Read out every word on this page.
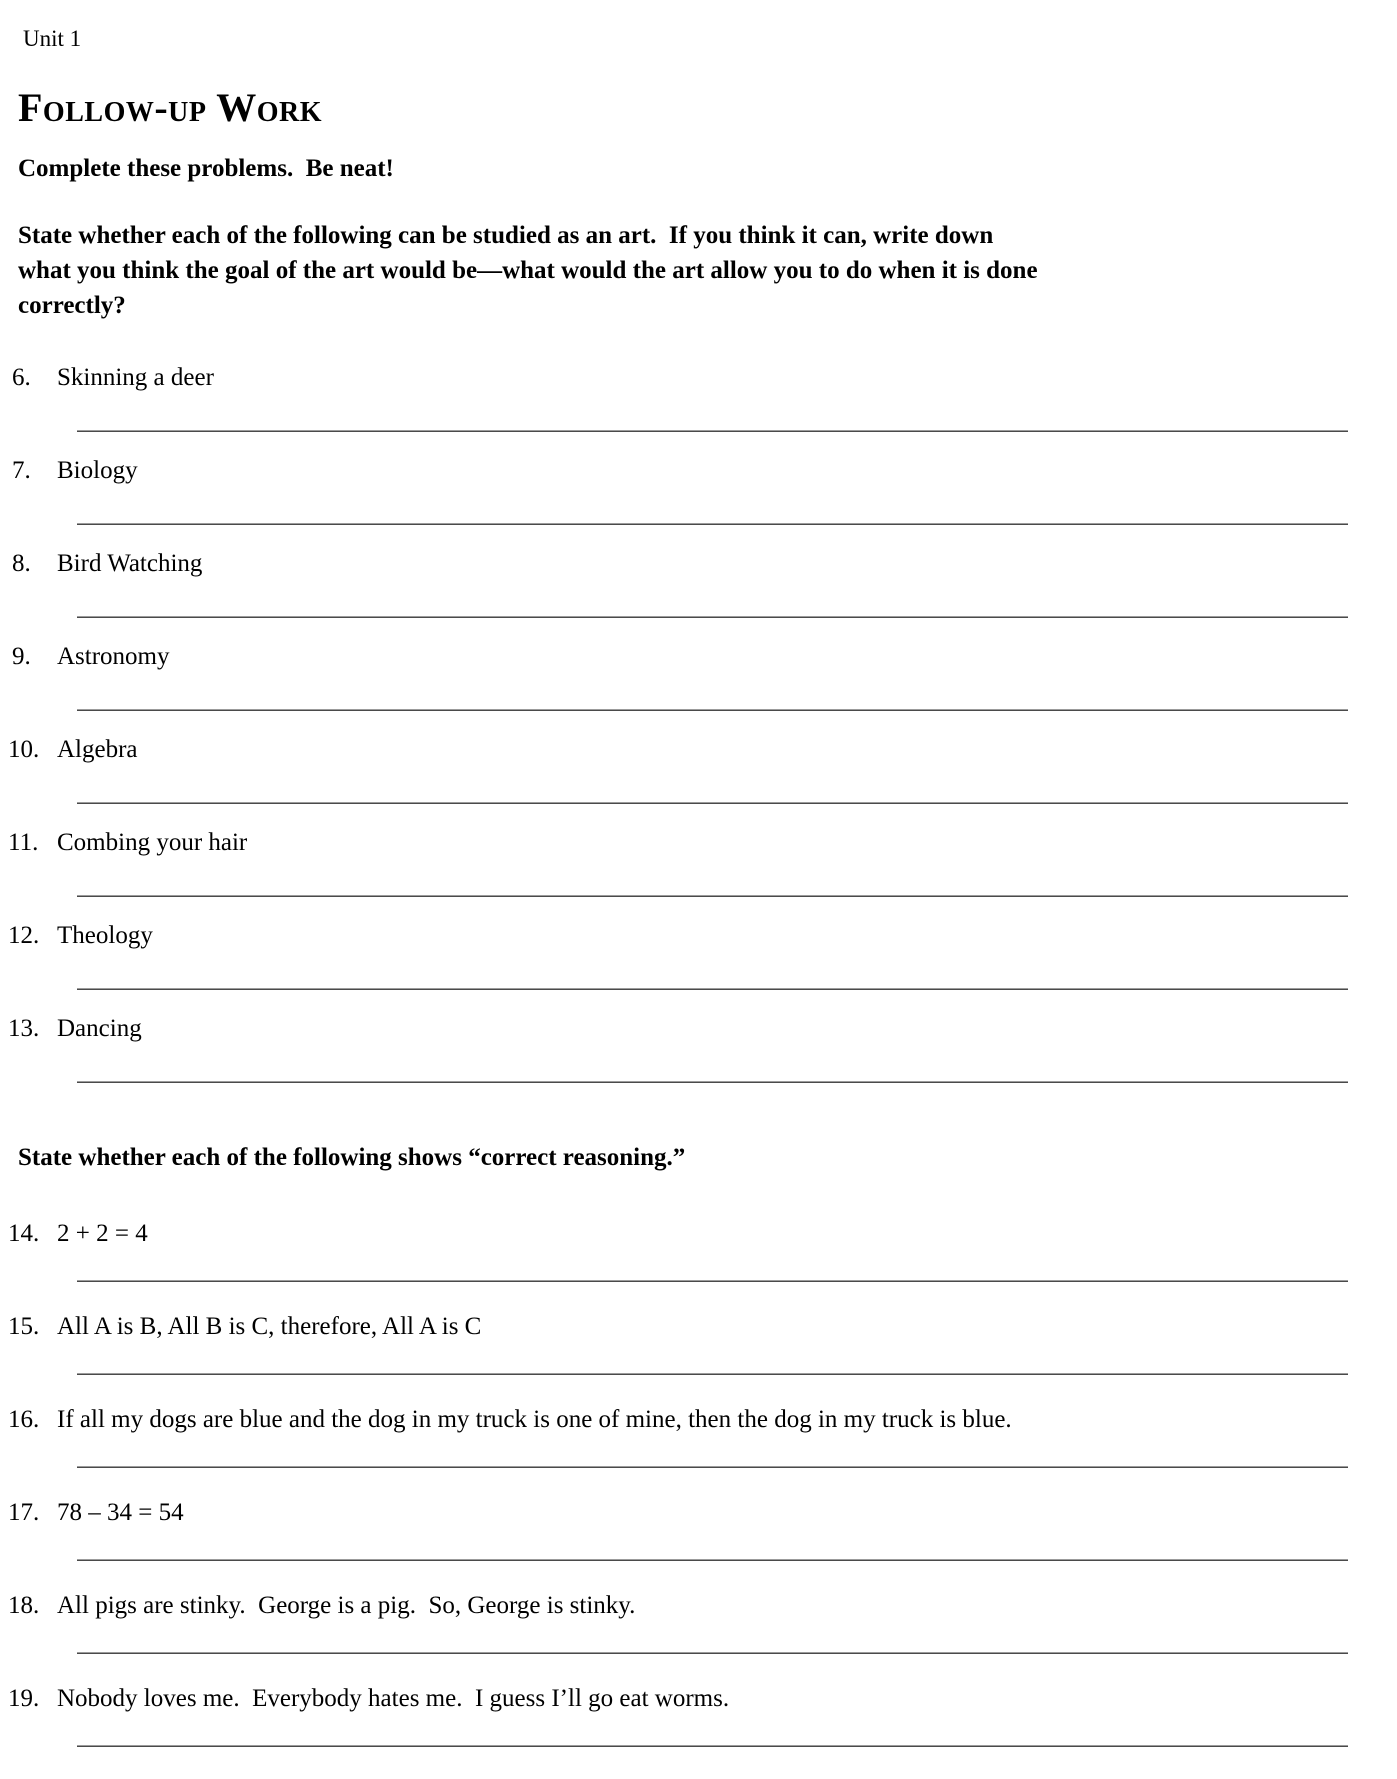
Unit 1
Follow-up Work
Complete these problems.  Be neat!
State whether each of the following can be studied as an art.  If you think it can, write down
what you think the goal of the art would be—what would the art allow you to do when it is done
correctly?
6. Skinning a deer
7. Biology
8. Bird Watching
9. Astronomy
10. Algebra
11. Combing your hair
12. Theology
13. Dancing
State whether each of the following shows “correct reasoning.”
14. 2 + 2 = 4
15. All A is B, All B is C, therefore, All A is C
16. If all my dogs are blue and the dog in my truck is one of mine, then the dog in my truck is blue.
17. 78 – 34 = 54
18. All pigs are stinky.  George is a pig.  So, George is stinky.
19. Nobody loves me.  Everybody hates me.  I guess I’ll go eat worms.
